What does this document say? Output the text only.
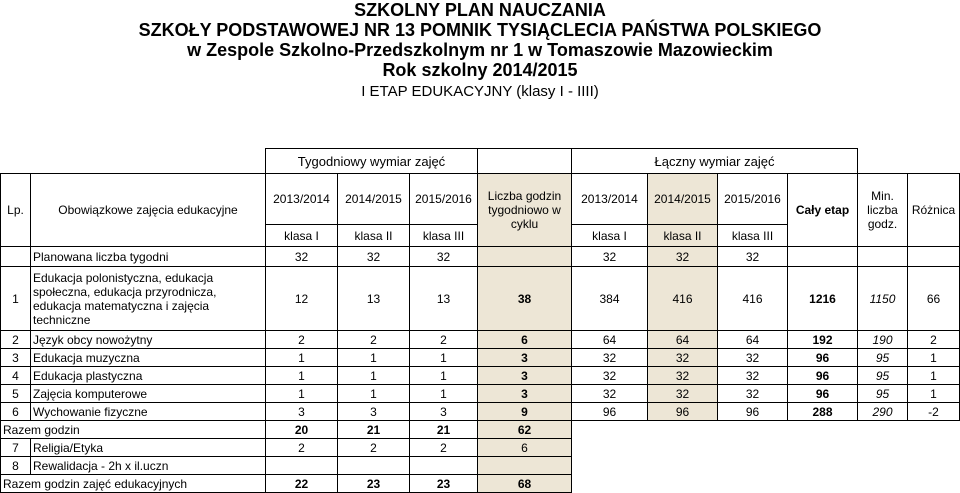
SZKOLNY PLAN NAUCZANIA
SZKOŁY PODSTAWOWEJ NR 13 POMNIK TYSIĄCLECIA PAŃSTWA POLSKIEGO
w Zespole Szkolno-Przedszkolnym nr 1 w Tomaszowie Mazowieckim
Rok szkolny 2014/2015
I ETAP EDUKACYJNY (klasy I - IIII)
		Tygodniowy wymiar zajęć				Łączny wymiar zajęć					
Lp.	Obowiązkowe zajęcia edukacyjne	2013/2014	2014/2015	2015/2016	Liczba godzin tygodniowo w cyklu	2013/2014	2014/2015	2015/2016	Cały etap	Min. liczba godz.	Różnica
		klasa I	klasa II	klasa III		klasa I	klasa II	klasa III			
	Planowana liczba tygodni	32	32	32		32	32	32			
1	Edukacja polonistyczna, edukacja społeczna, edukacja przyrodnicza, edukacja matematyczna i zajęcia techniczne	12	13	13	38	384	416	416	1216	1150	66
2	Język obcy nowożytny	2	2	2	6	64	64	64	192	190	2
3	Edukacja muzyczna	1	1	1	3	32	32	32	96	95	1
4	Edukacja plastyczna	1	1	1	3	32	32	32	96	95	1
5	Zajęcia komputerowe	1	1	1	3	32	32	32	96	95	1
6	Wychowanie fizyczne	3	3	3	9	96	96	96	288	290	-2
Razem godzin		20	21	21	62						
7	Religia/Etyka	2	2	2	6						
8	Rewalidacja - 2h x il.uczn										
Razem godzin zajęć edukacyjnych		22	23	23	68						
